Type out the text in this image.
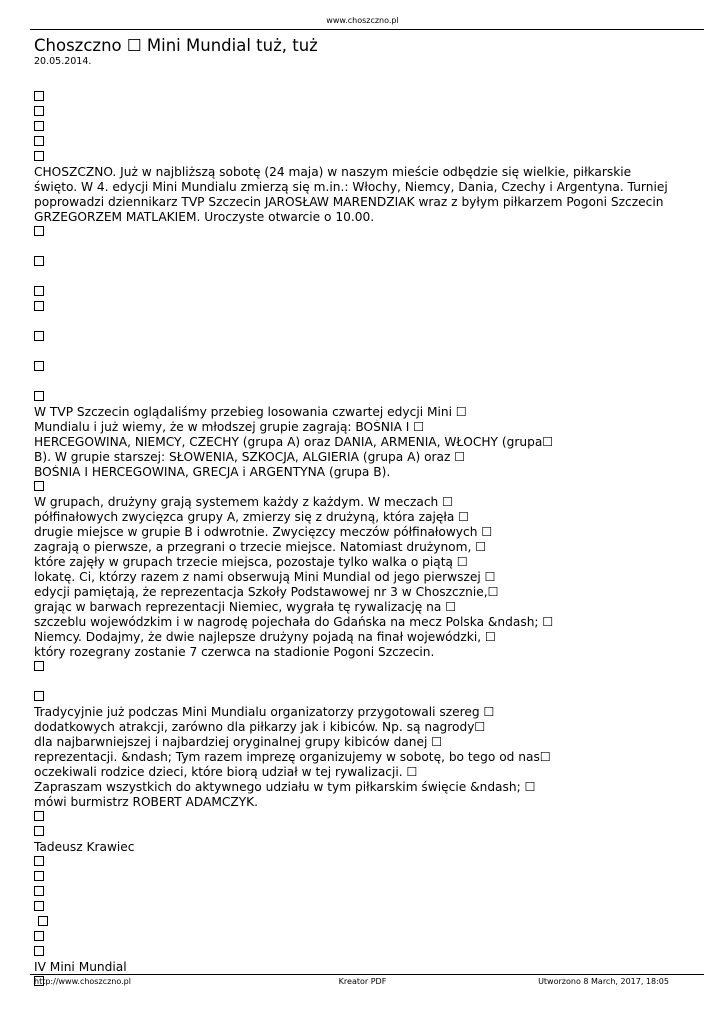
www.choszczno.pl
Choszczno ☐ Mini Mundial tuż, tuż
20.05.2014.
CHOSZCZNO. Już w najbliższą sobotę (24 maja) w naszym mieście odbędzie się wielkie, piłkarskie
święto. W 4. edycji Mini Mundialu zmierzą się m.in.: Włochy, Niemcy, Dania, Czechy i Argentyna. Turniej
poprowadzi dziennikarz TVP Szczecin JAROSŁAW MARENDZIAK wraz z byłym piłkarzem Pogoni Szczecin
GRZEGORZEM MATLAKIEM. Uroczyste otwarcie o 10.00.
W TVP Szczecin oglądaliśmy przebieg losowania czwartej edycji Mini ☐
Mundialu i już wiemy, że w młodszej grupie zagrają: BOŚNIA I ☐
HERCEGOWINA, NIEMCY, CZECHY (grupa A) oraz DANIA, ARMENIA, WŁOCHY (grupa☐
B). W grupie starszej: SŁOWENIA, SZKOCJA, ALGIERIA (grupa A) oraz ☐
BOŚNIA I HERCEGOWINA, GRECJA i ARGENTYNA (grupa B).
W grupach, drużyny grają systemem każdy z każdym. W meczach ☐
półfinałowych zwycięzca grupy A, zmierzy się z drużyną, która zajęła ☐
drugie miejsce w grupie B i odwrotnie. Zwycięzcy meczów półfinałowych ☐
zagrają o pierwsze, a przegrani o trzecie miejsce. Natomiast drużynom, ☐
które zajęły w grupach trzecie miejsca, pozostaje tylko walka o piątą ☐
lokatę. Ci, którzy razem z nami obserwują Mini Mundial od jego pierwszej ☐
edycji pamiętają, że reprezentacja Szkoły Podstawowej nr 3 w Choszcznie,☐
grając w barwach reprezentacji Niemiec, wygrała tę rywalizację na ☐
szczeblu wojewódzkim i w nagrodę pojechała do Gdańska na mecz Polska &ndash; ☐
Niemcy. Dodajmy, że dwie najlepsze drużyny pojadą na finał wojewódzki, ☐
który rozegrany zostanie 7 czerwca na stadionie Pogoni Szczecin.
Tradycyjnie już podczas Mini Mundialu organizatorzy przygotowali szereg ☐
dodatkowych atrakcji, zarówno dla piłkarzy jak i kibiców. Np. są nagrody☐
dla najbarwniejszej i najbardziej oryginalnej grupy kibiców danej ☐
reprezentacji. &ndash; Tym razem imprezę organizujemy w sobotę, bo tego od nas☐
oczekiwali rodzice dzieci, które biorą udział w tej rywalizacji. ☐
Zapraszam wszystkich do aktywnego udziału w tym piłkarskim święcie &ndash; ☐
mówi burmistrz ROBERT ADAMCZYK.
Tadeusz Krawiec
IV Mini Mundial
http://www.choszczno.pl	Kreator PDF	Utworzono 8 March, 2017, 18:05
